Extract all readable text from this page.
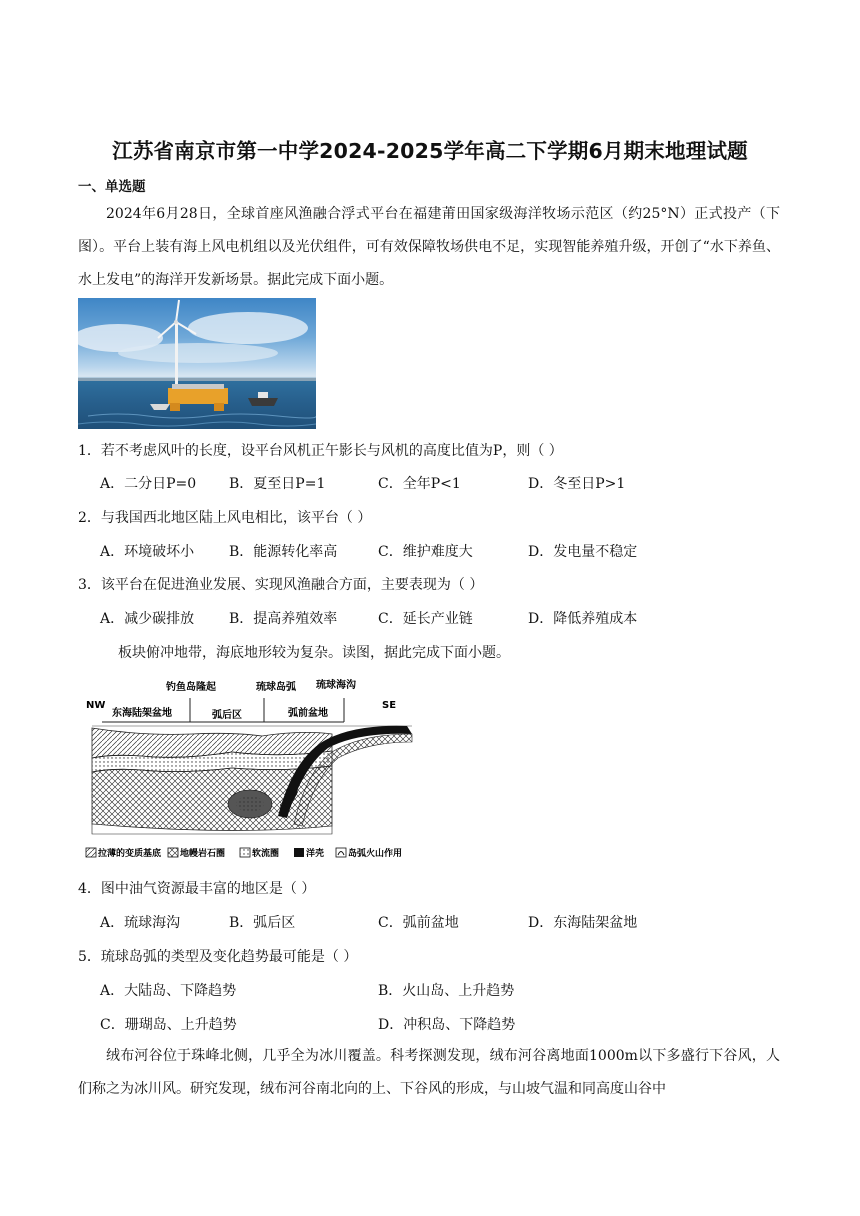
江苏省南京市第一中学2024-2025学年高二下学期6月期末地理试题
一、单选题
2024年6月28日，全球首座风渔融合浮式平台在福建莆田国家级海洋牧场示范区（约25°N）正式投产（下图）。平台上装有海上风电机组以及光伏组件，可有效保障牧场供电不足，实现智能养殖升级，开创了“水下养鱼、水上发电”的海洋开发新场景。据此完成下面小题。
1．若不考虑风叶的长度，设平台风机正午影长与风机的高度比值为P，则（ ）
A．二分日P=0 B．夏至日P=1	C．全年P<1	D．冬至日P>1
2．与我国西北地区陆上风电相比，该平台（ ）
A．环境破坏小 B．能源转化率高	C．维护难度大	D．发电量不稳定
3．该平台在促进渔业发展、实现风渔融合方面，主要表现为（ ）
A．减少碳排放 B．提高养殖效率	C．延长产业链	D．降低养殖成本
板块俯冲地带，海底地形较为复杂。读图，据此完成下面小题。
钓鱼岛隆起	琉球岛弧 琉球海沟
NW	SE
东海陆架盆地	弧后区	弧前盆地
拉薄的变质基底 地幔岩石圈	软流圈	洋壳	岛弧火山作用
4．图中油气资源最丰富的地区是（ ）
A．琉球海沟	B．弧后区	C．弧前盆地	D．东海陆架盆地
5．琉球岛弧的类型及变化趋势最可能是（ ）
A．大陆岛、下降趋势	B．火山岛、上升趋势
C．珊瑚岛、上升趋势	D．冲积岛、下降趋势
绒布河谷位于珠峰北侧，几乎全为冰川覆盖。科考探测发现，绒布河谷离地面1000m以下多盛行下谷风，人们称之为冰川风。研究发现，绒布河谷南北向的上、下谷风的形成，与山坡气温和同高度山谷中
